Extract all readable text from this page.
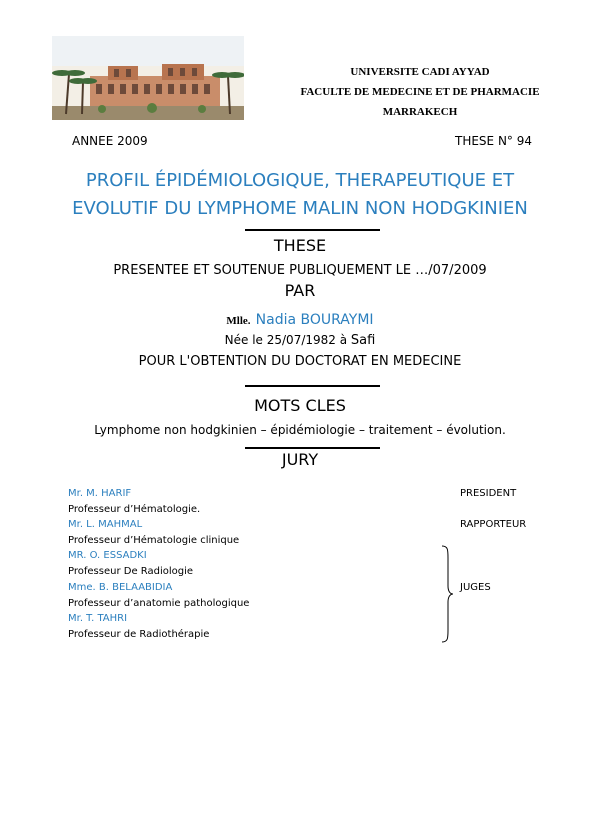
UNIVERSITE CADI AYYAD
FACULTE DE MEDECINE ET DE PHARMACIE
MARRAKECH
ANNEE 2009	THESE N° 94
PROFIL ÉPIDÉMIOLOGIQUE, THERAPEUTIQUE ET
EVOLUTIF DU LYMPHOME MALIN NON HODGKINIEN
THESE
PRESENTEE ET SOUTENUE PUBLIQUEMENT LE …/07/2009
PAR
Mlle. Nadia BOURAYMI
Née le 25/07/1982 à Safi
POUR L'OBTENTION DU DOCTORAT EN MEDECINE
MOTS CLES
Lymphome non hodgkinien – épidémiologie – traitement – évolution.
JURY
Mr. M. HARIF
Professeur d’Hématologie.
Mr. L. MAHMAL
Professeur d’Hématologie clinique
MR. O. ESSADKI
Professeur De Radiologie
Mme. B. BELAABIDIA
Professeur d’anatomie pathologique
Mr. T. TAHRI
Professeur de Radiothérapie
PRESIDENT
RAPPORTEUR
JUGES
